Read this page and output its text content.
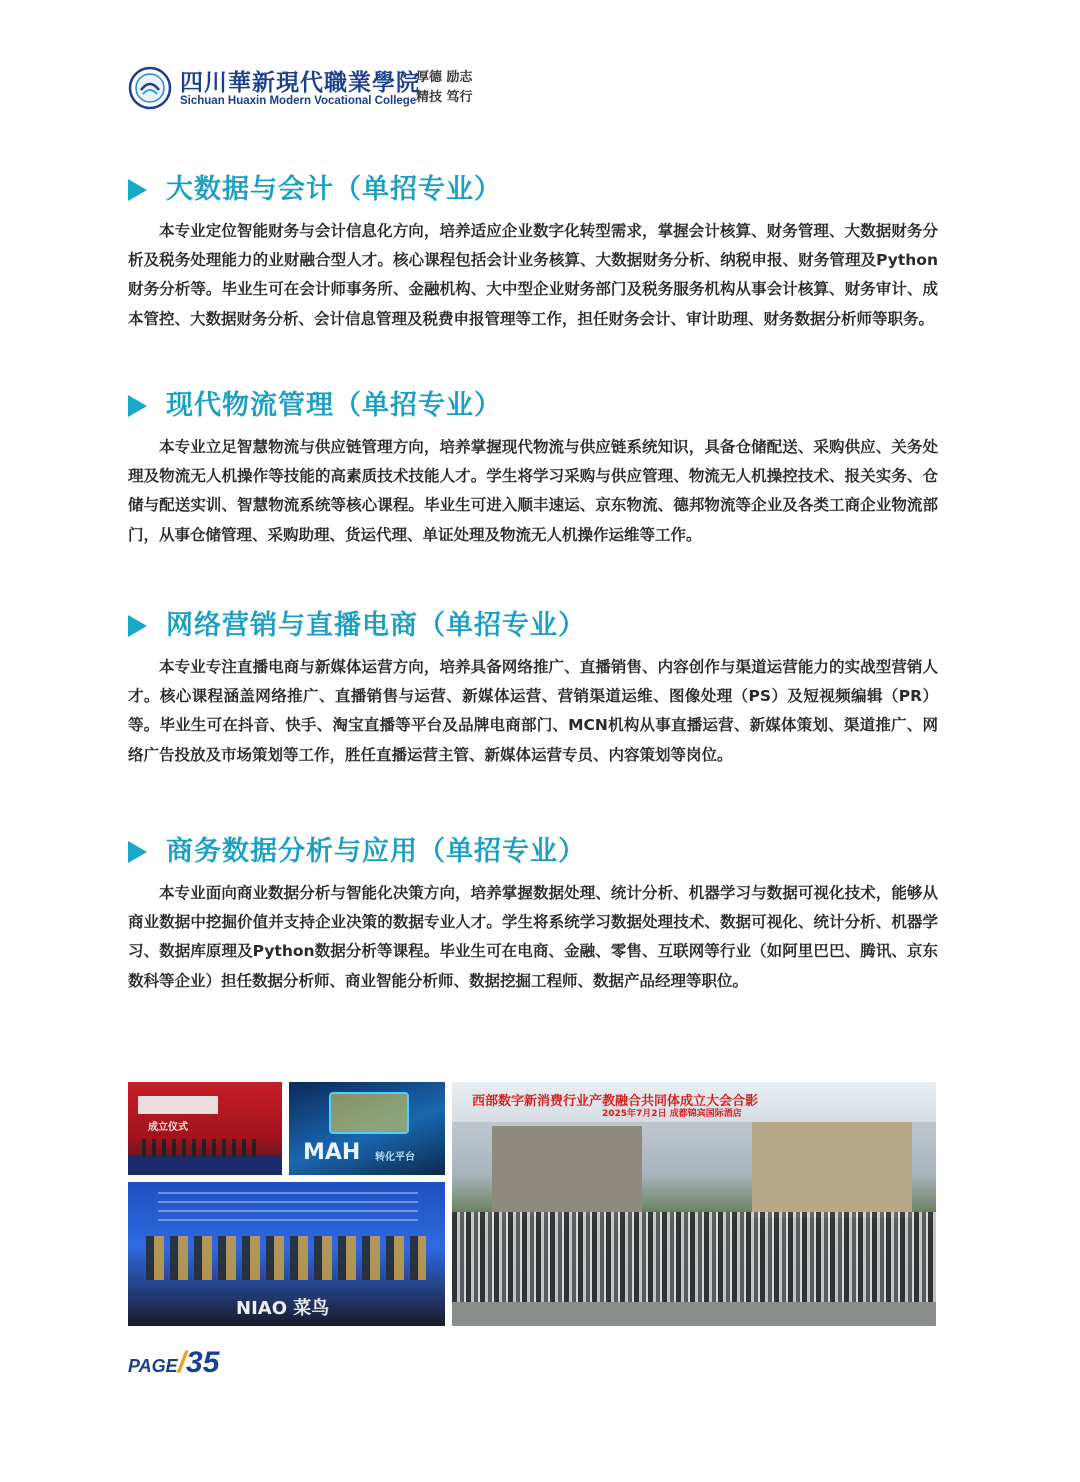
四川華新現代職業學院
Sichuan Huaxin Modern Vocational College
厚德 励志
精技 笃行
大数据与会计（单招专业）

本专业定位智能财务与会计信息化方向，培养适应企业数字化转型需求，掌握会计核算、财务管理、大数据财务分析及税务处理能力的业财融合型人才。核心课程包括会计业务核算、大数据财务分析、纳税申报、财务管理及Python财务分析等。毕业生可在会计师事务所、金融机构、大中型企业财务部门及税务服务机构从事会计核算、财务审计、成本管控、大数据财务分析、会计信息管理及税费申报管理等工作，担任财务会计、审计助理、财务数据分析师等职务。

现代物流管理（单招专业）

本专业立足智慧物流与供应链管理方向，培养掌握现代物流与供应链系统知识，具备仓储配送、采购供应、关务处理及物流无人机操作等技能的高素质技术技能人才。学生将学习采购与供应管理、物流无人机操控技术、报关实务、仓储与配送实训、智慧物流系统等核心课程。毕业生可进入顺丰速运、京东物流、德邦物流等企业及各类工商企业物流部门，从事仓储管理、采购助理、货运代理、单证处理及物流无人机操作运维等工作。

网络营销与直播电商（单招专业）

本专业专注直播电商与新媒体运营方向，培养具备网络推广、直播销售、内容创作与渠道运营能力的实战型营销人才。核心课程涵盖网络推广、直播销售与运营、新媒体运营、营销渠道运维、图像处理（PS）及短视频编辑（PR）等。毕业生可在抖音、快手、淘宝直播等平台及品牌电商部门、MCN机构从事直播运营、新媒体策划、渠道推广、网络广告投放及市场策划等工作，胜任直播运营主管、新媒体运营专员、内容策划等岗位。

商务数据分析与应用（单招专业）

本专业面向商业数据分析与智能化决策方向，培养掌握数据处理、统计分析、机器学习与数据可视化技术，能够从商业数据中挖掘价值并支持企业决策的数据专业人才。学生将系统学习数据处理技术、数据可视化、统计分析、机器学习、数据库原理及Python数据分析等课程。毕业生可在电商、金融、零售、互联网等行业（如阿里巴巴、腾讯、京东数科等企业）担任数据分析师、商业智能分析师、数据挖掘工程师、数据产品经理等职位。

成立仪式
MAH 转化平台
NIAO 菜鸟
西部数字新消费行业产教融合共同体成立大会合影
2025年7月2日 成都锦宾国际酒店
PAGE/35
